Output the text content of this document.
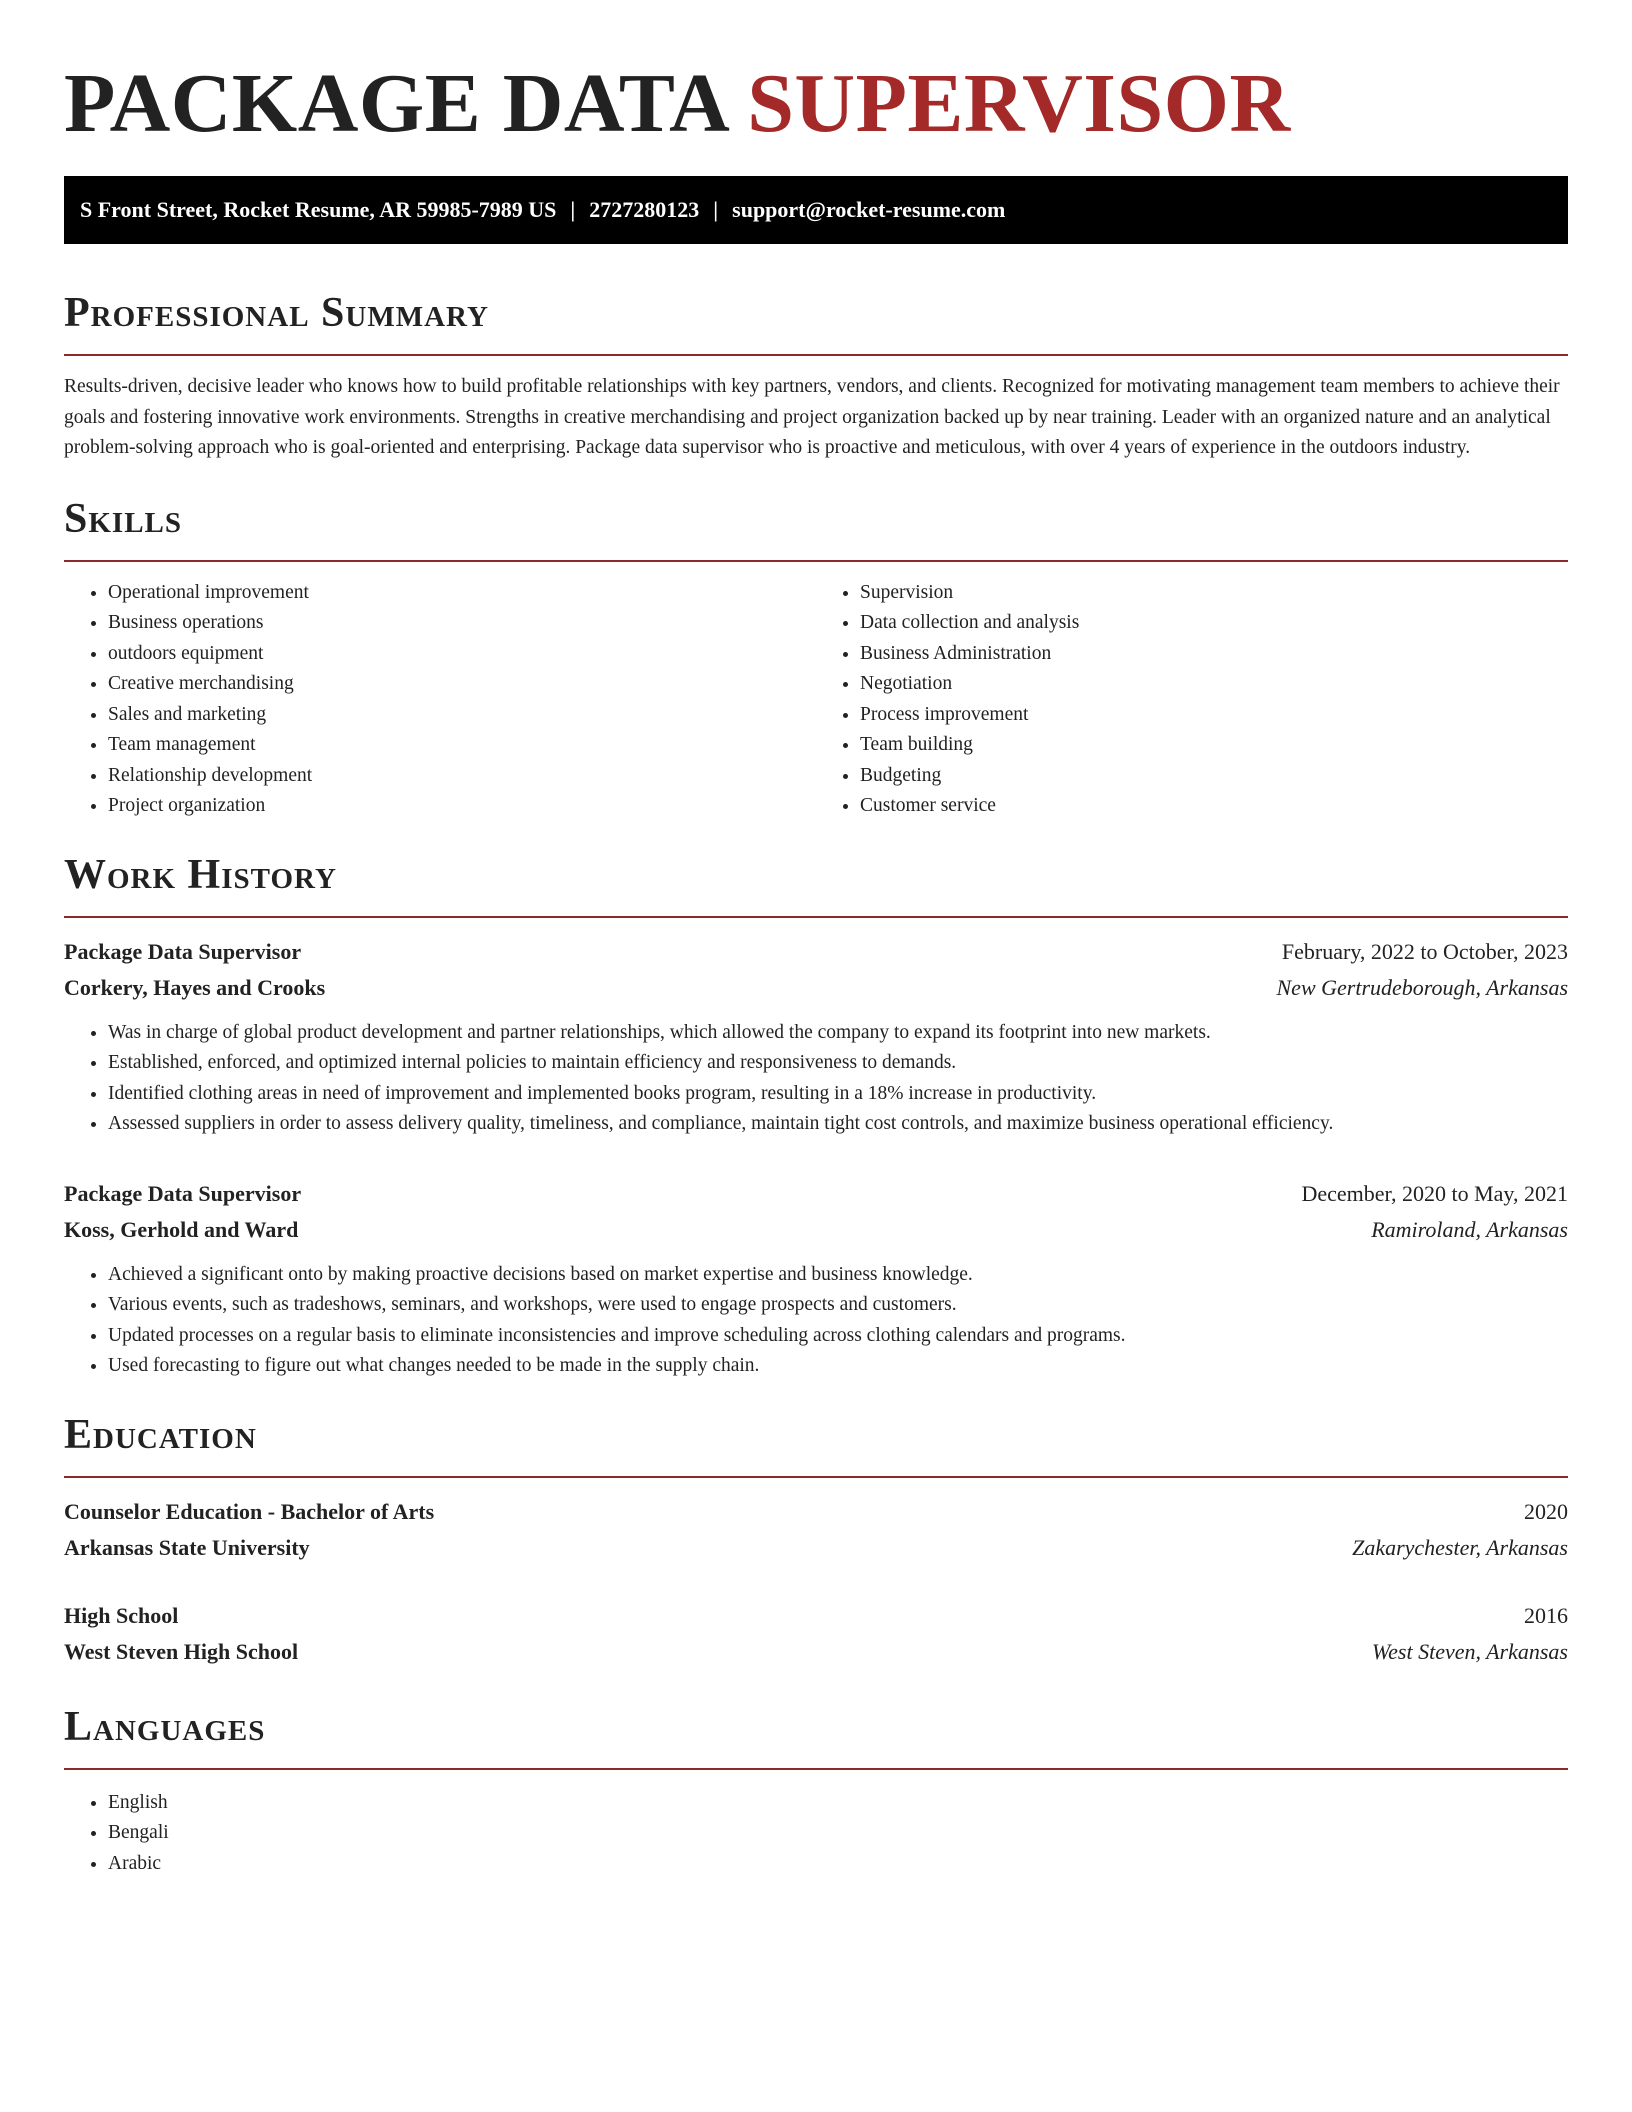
PACKAGE DATA SUPERVISOR
S Front Street, Rocket Resume, AR 59985-7989 US | 2727280123 | support@rocket-resume.com
Professional Summary

Results-driven, decisive leader who knows how to build profitable relationships with key partners, vendors, and clients. Recognized for motivating management team members to achieve their goals and fostering innovative work environments. Strengths in creative merchandising and project organization backed up by near training. Leader with an organized nature and an analytical problem-solving approach who is goal-oriented and enterprising. Package data supervisor who is proactive and meticulous, with over 4 years of experience in the outdoors industry.

Skills
• Operational improvement
• Business operations
• outdoors equipment
• Creative merchandising
• Sales and marketing
• Team management
• Relationship development
• Project organization
• Supervision
• Data collection and analysis
• Business Administration
• Negotiation
• Process improvement
• Team building
• Budgeting
• Customer service
Work History
Package Data Supervisor	February, 2022 to October, 2023
Corkery, Hayes and Crooks	New Gertrudeborough, Arkansas
• Was in charge of global product development and partner relationships, which allowed the company to expand its footprint into new markets.
• Established, enforced, and optimized internal policies to maintain efficiency and responsiveness to demands.
• Identified clothing areas in need of improvement and implemented books program, resulting in a 18% increase in productivity.
• Assessed suppliers in order to assess delivery quality, timeliness, and compliance, maintain tight cost controls, and maximize business operational efficiency.
Package Data Supervisor	December, 2020 to May, 2021
Koss, Gerhold and Ward	Ramiroland, Arkansas
• Achieved a significant onto by making proactive decisions based on market expertise and business knowledge.
• Various events, such as tradeshows, seminars, and workshops, were used to engage prospects and customers.
• Updated processes on a regular basis to eliminate inconsistencies and improve scheduling across clothing calendars and programs.
• Used forecasting to figure out what changes needed to be made in the supply chain.
Education
Counselor Education - Bachelor of Arts	2020
Arkansas State University	Zakarychester, Arkansas
High School	2016
West Steven High School	West Steven, Arkansas
Languages
• English
• Bengali
• Arabic
